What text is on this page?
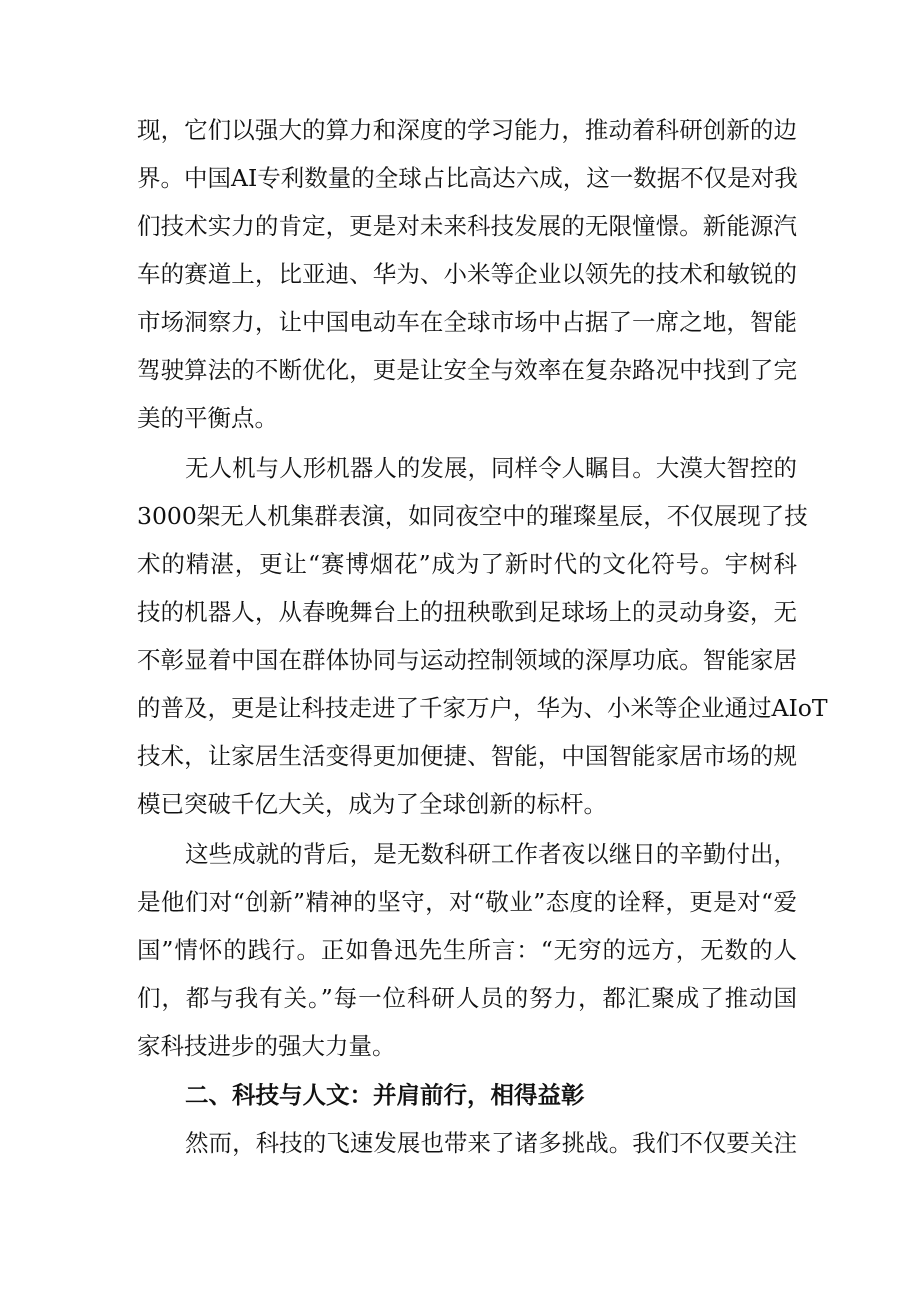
现，它们以强大的算力和深度的学习能力，推动着科研创新的边
界。中国AI专利数量的全球占比高达六成，这一数据不仅是对我
们技术实力的肯定，更是对未来科技发展的无限憧憬。新能源汽
车的赛道上，比亚迪、华为、小米等企业以领先的技术和敏锐的
市场洞察力，让中国电动车在全球市场中占据了一席之地，智能
驾驶算法的不断优化，更是让安全与效率在复杂路况中找到了完
美的平衡点。
无人机与人形机器人的发展，同样令人瞩目。大漠大智控的
3000架无人机集群表演，如同夜空中的璀璨星辰，不仅展现了技
术的精湛，更让“赛博烟花”成为了新时代的文化符号。宇树科
技的机器人，从春晚舞台上的扭秧歌到足球场上的灵动身姿，无
不彰显着中国在群体协同与运动控制领域的深厚功底。智能家居
的普及，更是让科技走进了千家万户，华为、小米等企业通过AIoT
技术，让家居生活变得更加便捷、智能，中国智能家居市场的规
模已突破千亿大关，成为了全球创新的标杆。
这些成就的背后，是无数科研工作者夜以继日的辛勤付出，
是他们对“创新”精神的坚守，对“敬业”态度的诠释，更是对“爱
国”情怀的践行。正如鲁迅先生所言：“无穷的远方，无数的人
们，都与我有关。”每一位科研人员的努力，都汇聚成了推动国
家科技进步的强大力量。
二、科技与人文：并肩前行，相得益彰
然而，科技的飞速发展也带来了诸多挑战。我们不仅要关注
